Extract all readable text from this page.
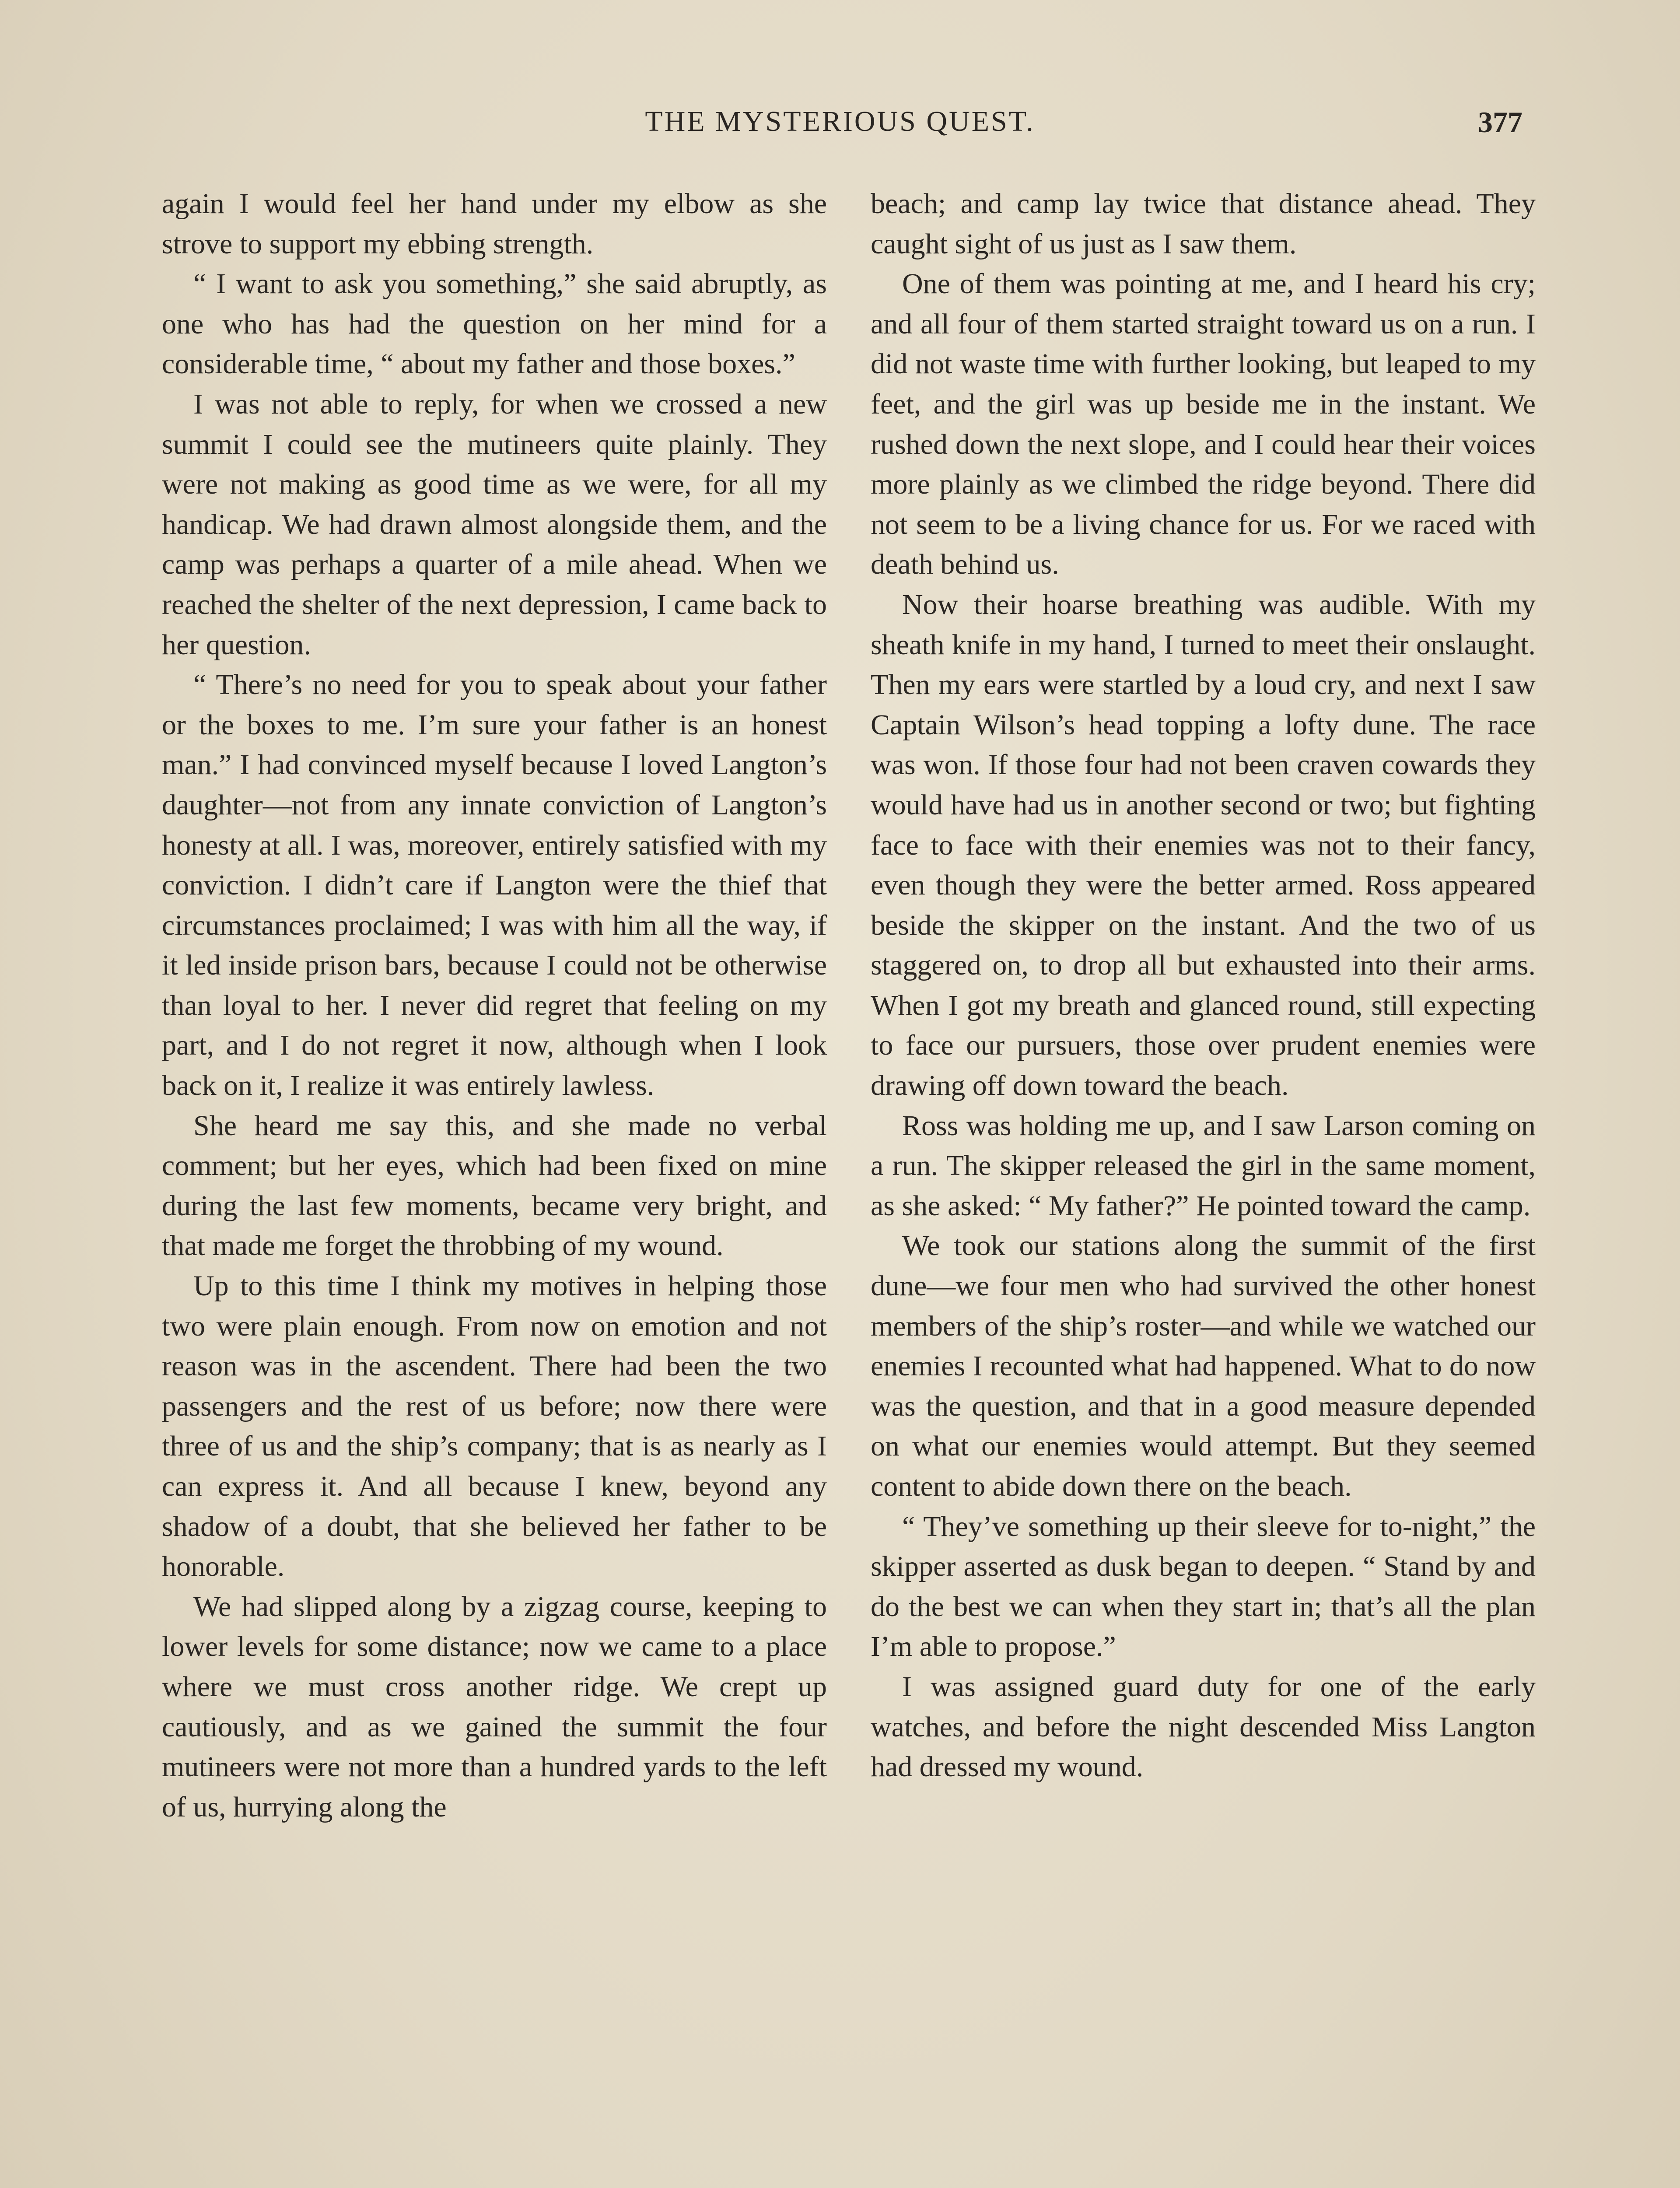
THE MYSTERIOUS QUEST.	377

again I would feel her hand under my elbow as she strove to support my ebbing strength.

“ I want to ask you something,” she said abruptly, as one who has had the question on her mind for a considerable time, “ about my father and those boxes.”

I was not able to reply, for when we crossed a new summit I could see the mutineers quite plainly. They were not making as good time as we were, for all my handicap. We had drawn almost alongside them, and the camp was perhaps a quarter of a mile ahead. When we reached the shelter of the next depression, I came back to her question.

“ There’s no need for you to speak about your father or the boxes to me. I’m sure your father is an honest man.” I had convinced myself because I loved Langton’s daughter—not from any innate conviction of Langton’s honesty at all. I was, moreover, entirely satisfied with my conviction. I didn’t care if Langton were the thief that circumstances proclaimed; I was with him all the way, if it led inside prison bars, because I could not be otherwise than loyal to her. I never did regret that feeling on my part, and I do not regret it now, although when I look back on it, I realize it was entirely lawless.

She heard me say this, and she made no verbal comment; but her eyes, which had been fixed on mine during the last few moments, became very bright, and that made me forget the throbbing of my wound.

Up to this time I think my motives in helping those two were plain enough. From now on emotion and not reason was in the ascendent. There had been the two passengers and the rest of us before; now there were three of us and the ship’s company; that is as nearly as I can express it. And all because I knew, beyond any shadow of a doubt, that she believed her father to be honorable.

We had slipped along by a zigzag course, keeping to lower levels for some distance; now we came to a place where we must cross another ridge. We crept up cautiously, and as we gained the summit the four mutineers were not more than a hundred yards to the left of us, hurrying along the

beach; and camp lay twice that distance ahead. They caught sight of us just as I saw them.

One of them was pointing at me, and I heard his cry; and all four of them started straight toward us on a run. I did not waste time with further looking, but leaped to my feet, and the girl was up beside me in the instant. We rushed down the next slope, and I could hear their voices more plainly as we climbed the ridge beyond. There did not seem to be a living chance for us. For we raced with death behind us.

Now their hoarse breathing was audible. With my sheath knife in my hand, I turned to meet their onslaught. Then my ears were startled by a loud cry, and next I saw Captain Wilson’s head topping a lofty dune. The race was won. If those four had not been craven cowards they would have had us in another second or two; but fighting face to face with their enemies was not to their fancy, even though they were the better armed. Ross appeared beside the skipper on the instant. And the two of us staggered on, to drop all but exhausted into their arms. When I got my breath and glanced round, still expecting to face our pursuers, those over prudent enemies were drawing off down toward the beach.

Ross was holding me up, and I saw Larson coming on a run. The skipper released the girl in the same moment, as she asked: “ My father?” He pointed toward the camp.

We took our stations along the summit of the first dune—we four men who had survived the other honest members of the ship’s roster—and while we watched our enemies I recounted what had happened. What to do now was the question, and that in a good measure depended on what our enemies would attempt. But they seemed content to abide down there on the beach.

“ They’ve something up their sleeve for to-night,” the skipper asserted as dusk began to deepen. “ Stand by and do the best we can when they start in; that’s all the plan I’m able to propose.”

I was assigned guard duty for one of the early watches, and before the night descended Miss Langton had dressed my wound.
